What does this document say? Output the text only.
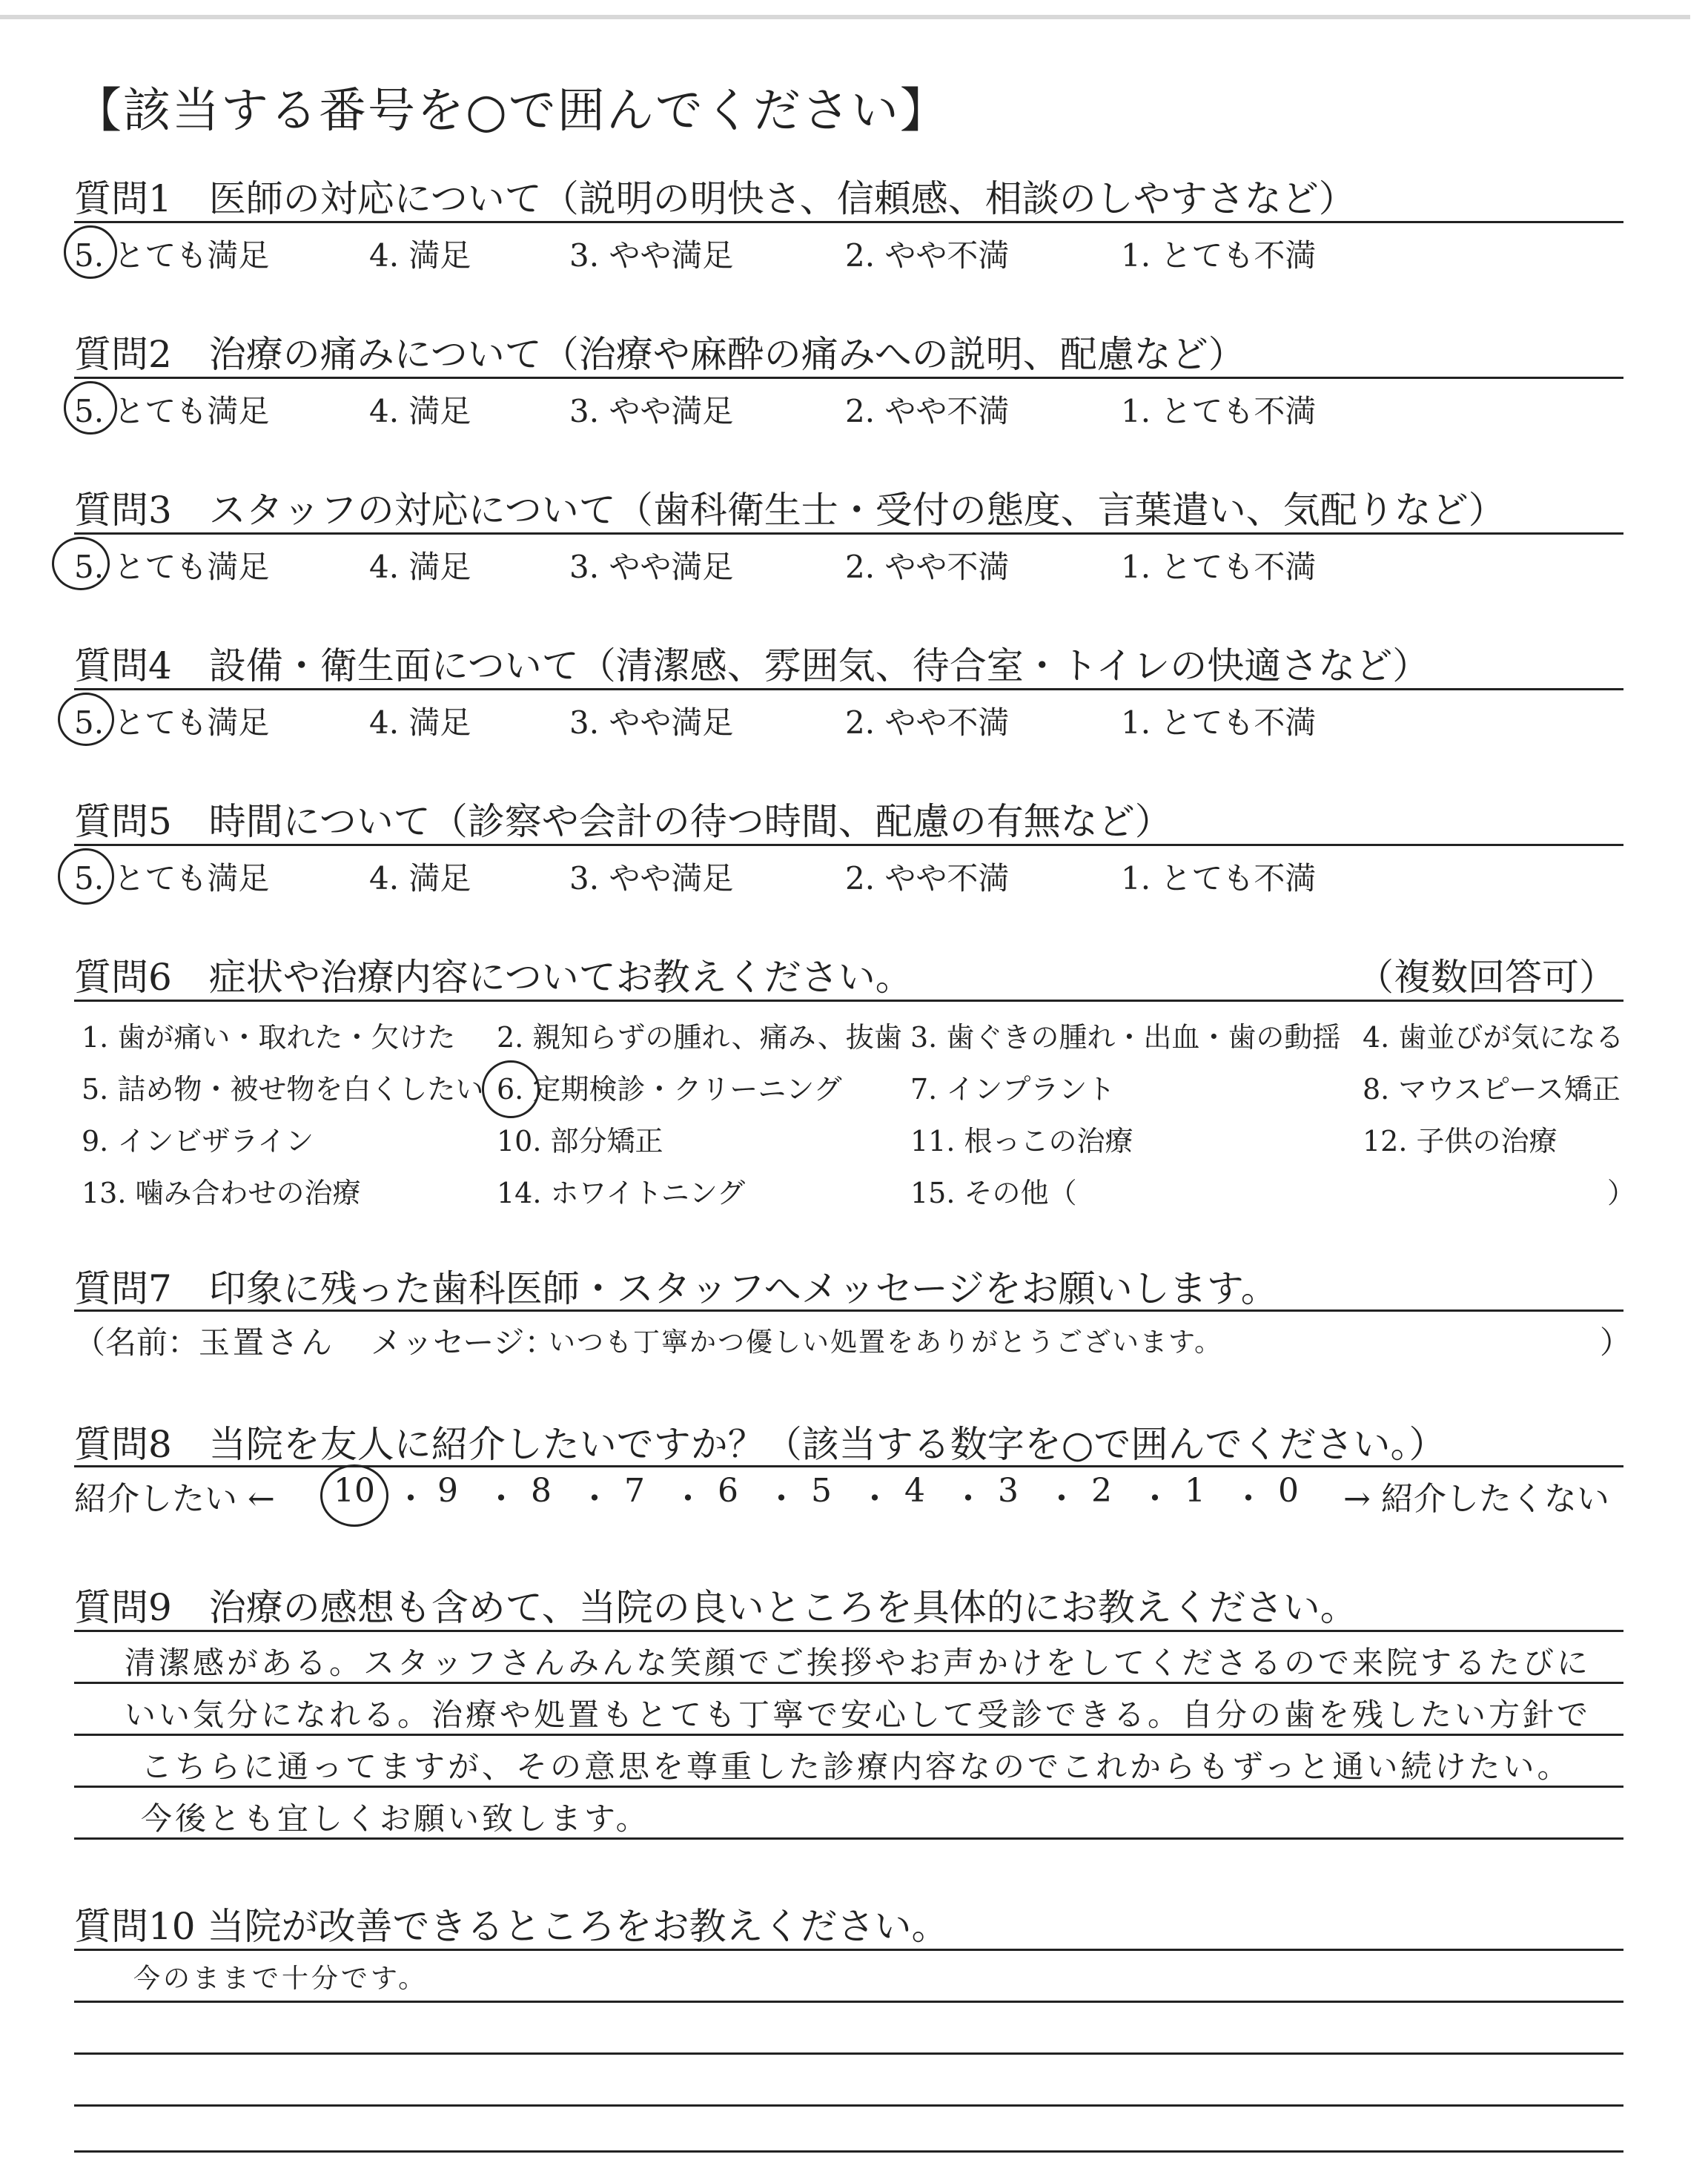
【該当する番号を○で囲んでください】
質問1　医師の対応について（説明の明快さ、信頼感、相談のしやすさなど）
5. とても満足	4. 満足	3. やや満足	2. やや不満	1. とても不満
質問2　治療の痛みについて（治療や麻酔の痛みへの説明、配慮など）
5. とても満足	4. 満足	3. やや満足	2. やや不満	1. とても不満
質問3　スタッフの対応について（歯科衛生士・受付の態度、言葉遣い、気配りなど）
5. とても満足	4. 満足	3. やや満足	2. やや不満	1. とても不満
質問4　設備・衛生面について（清潔感、雰囲気、待合室・トイレの快適さなど）
5. とても満足	4. 満足	3. やや満足	2. やや不満	1. とても不満
質問5　時間について（診察や会計の待つ時間、配慮の有無など）
5. とても満足	4. 満足	3. やや満足	2. やや不満	1. とても不満
質問6　症状や治療内容についてお教えください。	（複数回答可）
1. 歯が痛い・取れた・欠けた 2. 親知らずの腫れ、痛み、抜歯 3. 歯ぐきの腫れ・出血・歯の動揺 4. 歯並びが気になる
5. 詰め物・被せ物を白くしたい 6. 定期検診・クリーニング 7. インプラント	8. マウスピース矯正
9. インビザライン	10. 部分矯正	11. 根っこの治療	12. 子供の治療
13. 噛み合わせの治療	14. ホワイトニング	15. その他（	）
質問7　印象に残った歯科医師・スタッフへメッセージをお願いします。
（名前： 玉置さん メッセージ：
いつも丁寧かつ優しい処置をありがとうございます。	）
質問8　当院を友人に紹介したいですか？（該当する数字を○で囲んでください。）
紹介したい ← 10 ・ 9 ・ 8 ・ 7 ・ 6 ・ 5 ・ 4 ・ 3 ・ 2 ・ 1 ・ 0 → 紹介したくない
質問9　治療の感想も含めて、当院の良いところを具体的にお教えください。
清潔感がある。スタッフさんみんな笑顔でご挨拶やお声かけをしてくださるので来院するたびに
いい気分になれる。治療や処置もとても丁寧で安心して受診できる。自分の歯を残したい方針で
こちらに通ってますが、その意思を尊重した診療内容なのでこれからもずっと通い続けたい。
今後とも宜しくお願い致します。
質問10 当院が改善できるところをお教えください。
今のままで十分です。
